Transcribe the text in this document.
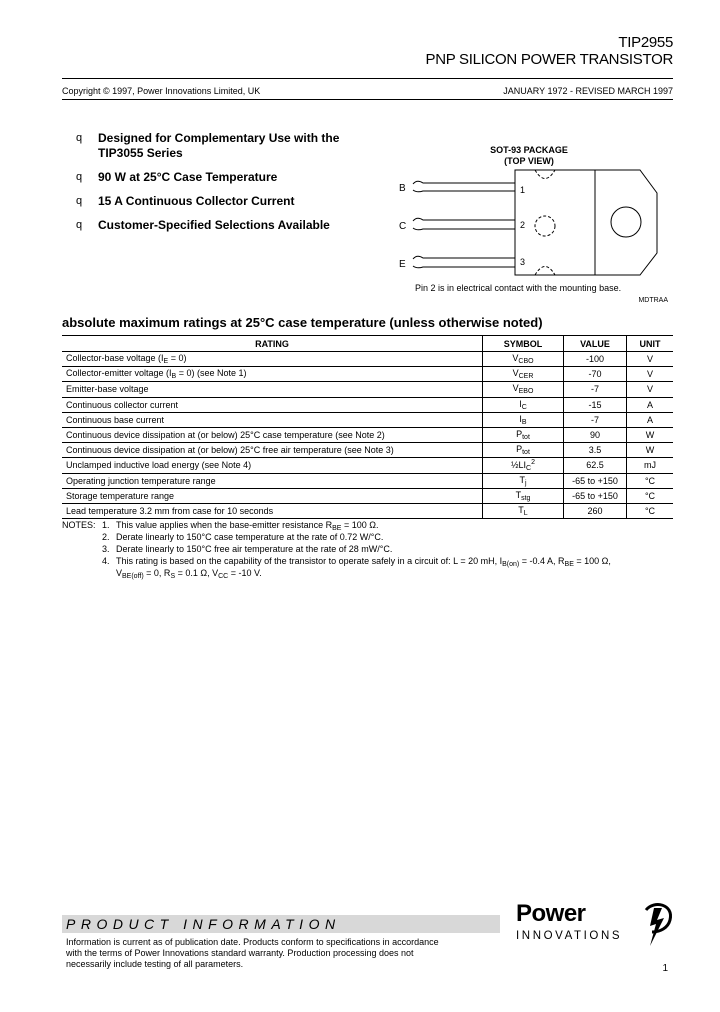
TIP2955
PNP SILICON POWER TRANSISTOR
Copyright © 1997, Power Innovations Limited, UK	JANUARY 1972 - REVISED MARCH 1997
q Designed for Complementary Use with the
TIP3055 Series
q 90 W at 25°C Case Temperature
q 15 A Continuous Collector Current
q Customer-Specified Selections Available
SOT-93 PACKAGE
(TOP VIEW)
B
C
E
1
2
3
Pin 2 is in electrical contact with the mounting base.
MDTRAA
absolute maximum ratings at 25°C case temperature (unless otherwise noted)
RATING	SYMBOL	VALUE	UNIT
Collector-base voltage $(I_E = 0)$	$V_{CBO}$	-100	V
Collector-emitter voltage $(I_B = 0)$ (see Note 1)	$V_{CER}$	-70	V
Emitter-base voltage	$V_{EBO}$	-7	V
Continuous collector current	$I_C$	-15	A
Continuous base current	$I_B$	-7	A
Continuous device dissipation at (or below) 25°C case temperature (see Note 2)	$P_{tot}$	90	W
Continuous device dissipation at (or below) 25°C free air temperature (see Note 3)	$P_{tot}$	3.5	W
Unclamped inductive load energy (see Note 4)	$\frac{1}{2}LI_C^2$	62.5	mJ
Operating junction temperature range	$T_j$	-65 to +150	°C
Storage temperature range	$T_{stg}$	-65 to +150	°C
Lead temperature 3.2 mm from case for 10 seconds	$T_L$	260	°C
NOTES: 1. This value applies when the base-emitter resistance $R_{BE} = 100$ Ω.
2. Derate linearly to 150°C case temperature at the rate of 0.72 W/°C.
3. Derate linearly to 150°C free air temperature at the rate of 28 mW/°C.
4. This rating is based on the capability of the transistor to operate safely in a circuit of: L = 20 mH, $I_{B(on)} = -0.4$ A, $R_{BE} = 100$ Ω,
$V_{BE(off)} = 0$, $R_S = 0.1$ Ω, $V_{CC} = -10$ V.
PRODUCT INFORMATION
Information is current as of publication date. Products conform to specifications in accordance
with the terms of Power Innovations standard warranty. Production processing does not
necessarily include testing of all parameters.
Power
INNOVATIONS
1
